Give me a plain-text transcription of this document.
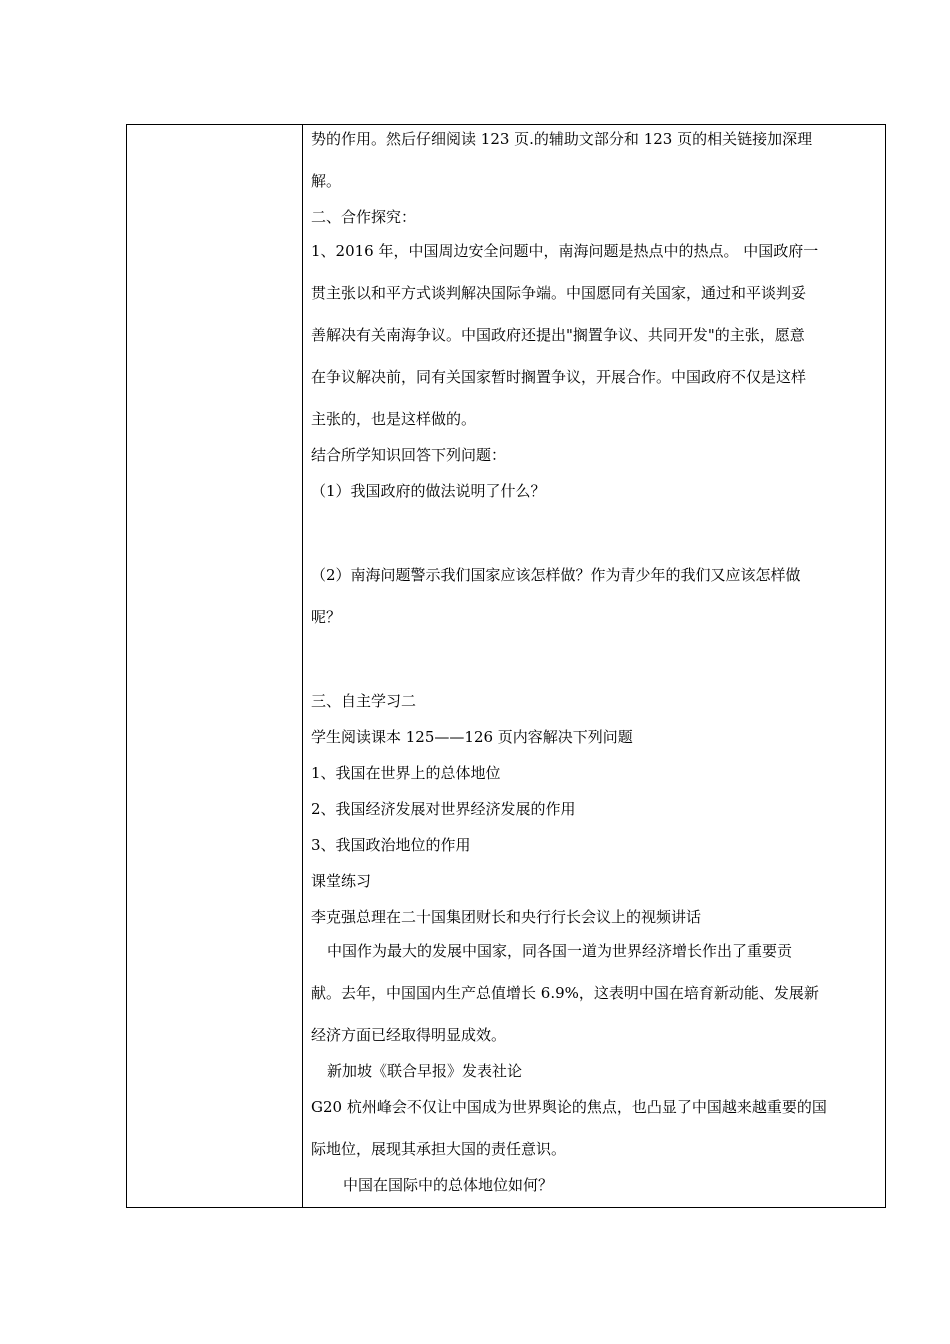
势的作用。然后仔细阅读 123 页.的辅助文部分和 123 页的相关链接加深理
解。
二、合作探究：
1、2016 年，中国周边安全问题中，南海问题是热点中的热点。 中国政府一
贯主张以和平方式谈判解决国际争端。中国愿同有关国家，通过和平谈判妥
善解决有关南海争议。中国政府还提出"搁置争议、共同开发"的主张，愿意
在争议解决前，同有关国家暂时搁置争议，开展合作。中国政府不仅是这样
主张的，也是这样做的。
结合所学知识回答下列问题：
（1）我国政府的做法说明了什么？
（2）南海问题警示我们国家应该怎样做？作为青少年的我们又应该怎样做
呢？
三、自主学习二
学生阅读课本 125——126 页内容解决下列问题
1、我国在世界上的总体地位
2、我国经济发展对世界经济发展的作用
3、我国政治地位的作用
课堂练习
李克强总理在二十国集团财长和央行行长会议上的视频讲话
中国作为最大的发展中国家，同各国一道为世界经济增长作出了重要贡
献。去年，中国国内生产总值增长 6.9%，这表明中国在培育新动能、发展新
经济方面已经取得明显成效。
新加坡《联合早报》发表社论
G20 杭州峰会不仅让中国成为世界舆论的焦点，也凸显了中国越来越重要的国
际地位，展现其承担大国的责任意识。
中国在国际中的总体地位如何？
